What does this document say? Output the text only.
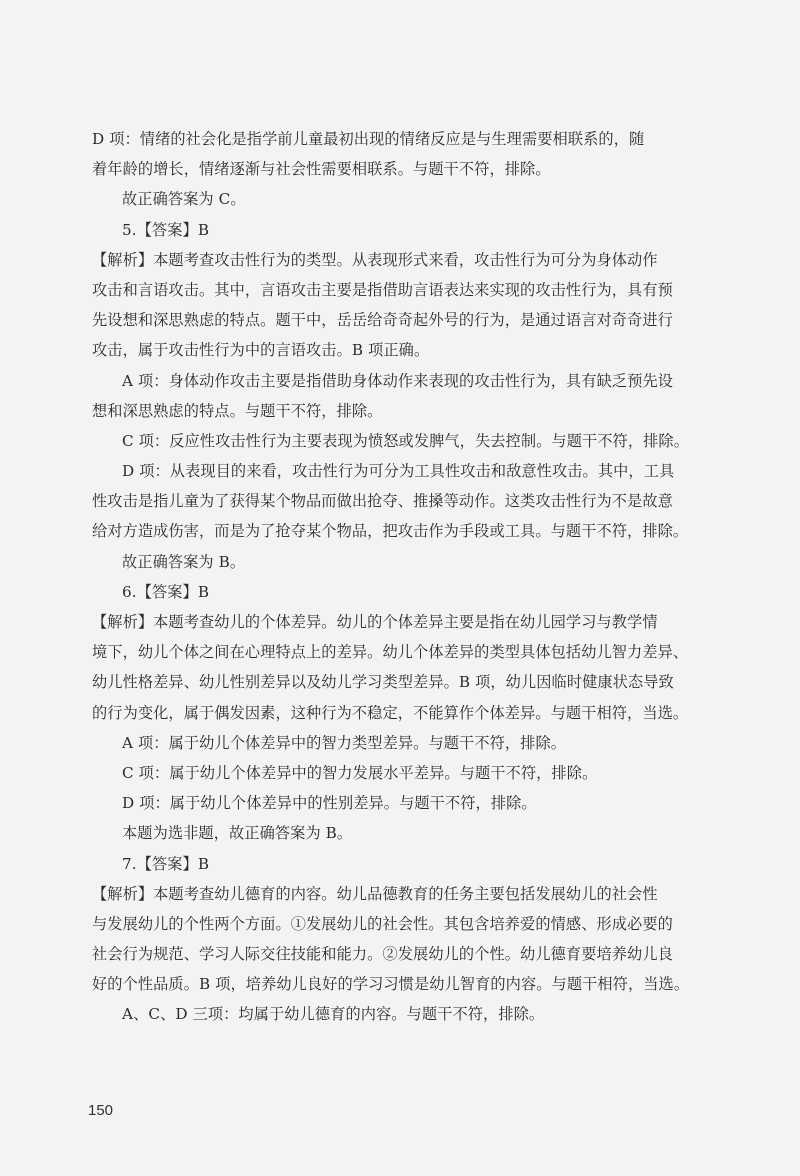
D 项：情绪的社会化是指学前儿童最初出现的情绪反应是与生理需要相联系的，随
着年龄的增长，情绪逐渐与社会性需要相联系。与题干不符，排除。
故正确答案为 C。
5.【答案】B
【解析】本题考查攻击性行为的类型。从表现形式来看，攻击性行为可分为身体动作
攻击和言语攻击。其中，言语攻击主要是指借助言语表达来实现的攻击性行为，具有预
先设想和深思熟虑的特点。题干中，岳岳给奇奇起外号的行为，是通过语言对奇奇进行
攻击，属于攻击性行为中的言语攻击。B 项正确。
A 项：身体动作攻击主要是指借助身体动作来表现的攻击性行为，具有缺乏预先设
想和深思熟虑的特点。与题干不符，排除。
C 项：反应性攻击性行为主要表现为愤怒或发脾气，失去控制。与题干不符，排除。
D 项：从表现目的来看，攻击性行为可分为工具性攻击和敌意性攻击。其中，工具
性攻击是指儿童为了获得某个物品而做出抢夺、推搡等动作。这类攻击性行为不是故意
给对方造成伤害，而是为了抢夺某个物品，把攻击作为手段或工具。与题干不符，排除。
故正确答案为 B。
6.【答案】B
【解析】本题考查幼儿的个体差异。幼儿的个体差异主要是指在幼儿园学习与教学情
境下，幼儿个体之间在心理特点上的差异。幼儿个体差异的类型具体包括幼儿智力差异、
幼儿性格差异、幼儿性别差异以及幼儿学习类型差异。B 项，幼儿因临时健康状态导致
的行为变化，属于偶发因素，这种行为不稳定，不能算作个体差异。与题干相符，当选。
A 项：属于幼儿个体差异中的智力类型差异。与题干不符，排除。
C 项：属于幼儿个体差异中的智力发展水平差异。与题干不符，排除。
D 项：属于幼儿个体差异中的性别差异。与题干不符，排除。
本题为选非题，故正确答案为 B。
7.【答案】B
【解析】本题考查幼儿德育的内容。幼儿品德教育的任务主要包括发展幼儿的社会性
与发展幼儿的个性两个方面。①发展幼儿的社会性。其包含培养爱的情感、形成必要的
社会行为规范、学习人际交往技能和能力。②发展幼儿的个性。幼儿德育要培养幼儿良
好的个性品质。B 项，培养幼儿良好的学习习惯是幼儿智育的内容。与题干相符，当选。
A、C、D 三项：均属于幼儿德育的内容。与题干不符，排除。
150
